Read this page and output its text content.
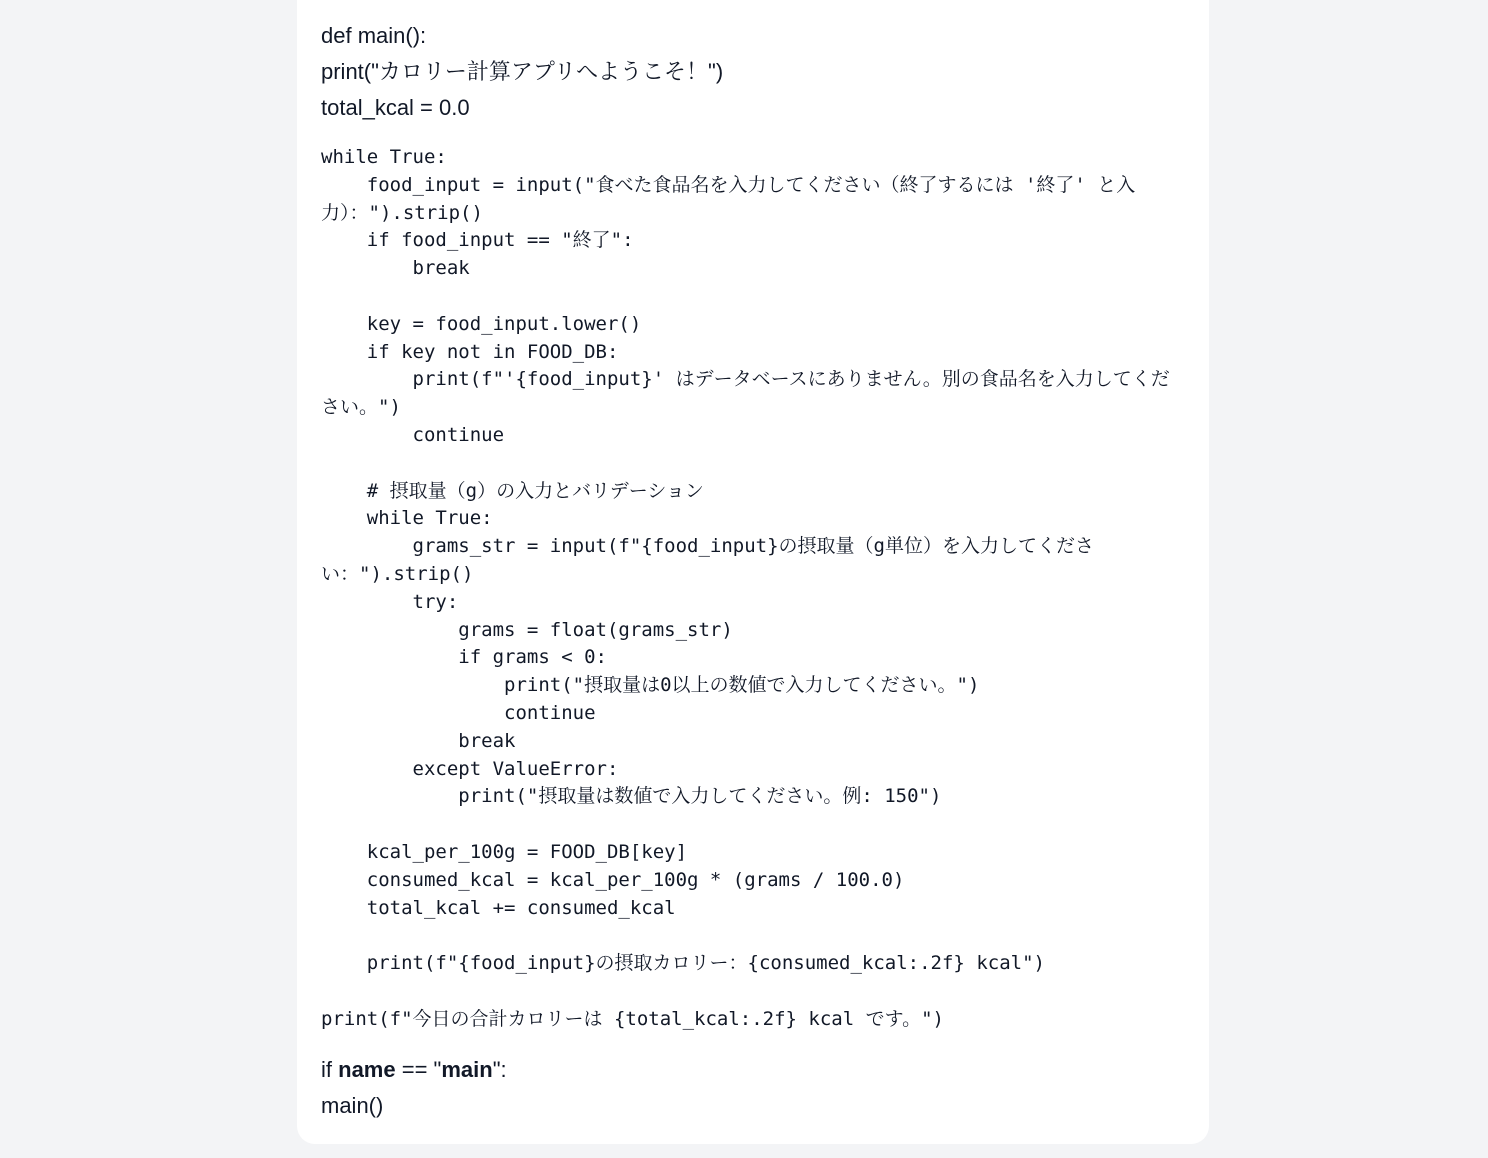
def main():
print("カロリー計算アプリへようこそ！")
total_kcal = 0.0
while True:
food_input = input("食べた食品名を入力してください（終了するには '終了' と入
力）：").strip()
if food_input == "終了":
break
key = food_input.lower()
if key not in FOOD_DB:
print(f"'{food_input}' はデータベースにありません。別の食品名を入力してくだ
さい。")
continue
# 摂取量（g）の入力とバリデーション
while True:
grams_str = input(f"{food_input}の摂取量（g単位）を入力してくださ
い：").strip()
try:
grams = float(grams_str)
if grams < 0:
print("摂取量は0以上の数値で入力してください。")
continue
break
except ValueError:
print("摂取量は数値で入力してください。例: 150")
kcal_per_100g = FOOD_DB[key]
consumed_kcal = kcal_per_100g * (grams / 100.0)
total_kcal += consumed_kcal
print(f"{food_input}の摂取カロリー：{consumed_kcal:.2f} kcal")
print(f"今日の合計カロリーは {total_kcal:.2f} kcal です。")
if name == "main":
main()
